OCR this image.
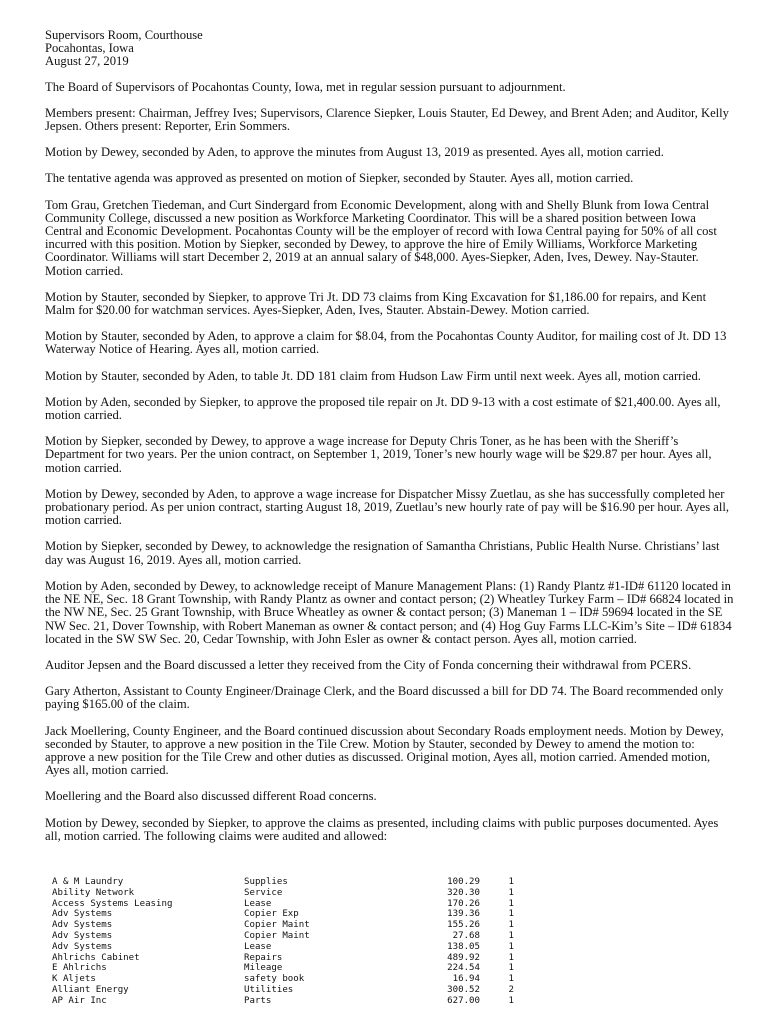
Supervisors Room, Courthouse
Pocahontas, Iowa
August 27, 2019

The Board of Supervisors of Pocahontas County, Iowa, met in regular session pursuant to adjournment.

Members present: Chairman, Jeffrey Ives; Supervisors, Clarence Siepker, Louis Stauter, Ed Dewey, and Brent Aden; and Auditor, Kelly Jepsen. Others present: Reporter, Erin Sommers.

Motion by Dewey, seconded by Aden, to approve the minutes from August 13, 2019 as presented. Ayes all, motion carried.

The tentative agenda was approved as presented on motion of Siepker, seconded by Stauter. Ayes all, motion carried.

Tom Grau, Gretchen Tiedeman, and Curt Sindergard from Economic Development, along with and Shelly Blunk from Iowa Central Community College, discussed a new position as Workforce Marketing Coordinator. This will be a shared position between Iowa Central and Economic Development. Pocahontas County will be the employer of record with Iowa Central paying for 50% of all cost incurred with this position. Motion by Siepker, seconded by Dewey, to approve the hire of Emily Williams, Workforce Marketing Coordinator. Williams will start December 2, 2019 at an annual salary of $48,000. Ayes-Siepker, Aden, Ives, Dewey. Nay-Stauter. Motion carried.

Motion by Stauter, seconded by Siepker, to approve Tri Jt. DD 73 claims from King Excavation for $1,186.00 for repairs, and Kent Malm for $20.00 for watchman services. Ayes-Siepker, Aden, Ives, Stauter. Abstain-Dewey. Motion carried.

Motion by Stauter, seconded by Aden, to approve a claim for $8.04, from the Pocahontas County Auditor, for mailing cost of Jt. DD 13 Waterway Notice of Hearing. Ayes all, motion carried.

Motion by Stauter, seconded by Aden, to table Jt. DD 181 claim from Hudson Law Firm until next week. Ayes all, motion carried.

Motion by Aden, seconded by Siepker, to approve the proposed tile repair on Jt. DD 9-13 with a cost estimate of $21,400.00. Ayes all, motion carried.

Motion by Siepker, seconded by Dewey, to approve a wage increase for Deputy Chris Toner, as he has been with the Sheriff’s Department for two years. Per the union contract, on September 1, 2019, Toner’s new hourly wage will be $29.87 per hour. Ayes all, motion carried.

Motion by Dewey, seconded by Aden, to approve a wage increase for Dispatcher Missy Zuetlau, as she has successfully completed her probationary period. As per union contract, starting August 18, 2019, Zuetlau’s new hourly rate of pay will be $16.90 per hour. Ayes all, motion carried.

Motion by Siepker, seconded by Dewey, to acknowledge the resignation of Samantha Christians, Public Health Nurse. Christians’ last day was August 16, 2019. Ayes all, motion carried.

Motion by Aden, seconded by Dewey, to acknowledge receipt of Manure Management Plans: (1) Randy Plantz #1-ID# 61120 located in the NE NE, Sec. 18 Grant Township, with Randy Plantz as owner and contact person; (2) Wheatley Turkey Farm – ID# 66824 located in the NW NE, Sec. 25 Grant Township, with Bruce Wheatley as owner & contact person; (3) Maneman 1 – ID# 59694 located in the SE NW Sec. 21, Dover Township, with Robert Maneman as owner & contact person; and (4) Hog Guy Farms LLC-Kim’s Site – ID# 61834 located in the SW SW Sec. 20, Cedar Township, with John Esler as owner & contact person. Ayes all, motion carried.

Auditor Jepsen and the Board discussed a letter they received from the City of Fonda concerning their withdrawal from PCERS.

Gary Atherton, Assistant to County Engineer/Drainage Clerk, and the Board discussed a bill for DD 74. The Board recommended only paying $165.00 of the claim.

Jack Moellering, County Engineer, and the Board continued discussion about Secondary Roads employment needs. Motion by Dewey, seconded by Stauter, to approve a new position in the Tile Crew. Motion by Stauter, seconded by Dewey to amend the motion to: approve a new position for the Tile Crew and other duties as discussed. Original motion, Ayes all, motion carried. Amended motion, Ayes all, motion carried.

Moellering and the Board also discussed different Road concerns.

Motion by Dewey, seconded by Siepker, to approve the claims as presented, including claims with public purposes documented. Ayes all, motion carried. The following claims were audited and allowed:

A & M Laundry	Supplies	100.29	1
Ability Network	Service	320.30	1
Access Systems Leasing	Lease	170.26	1
Adv Systems	Copier Exp	139.36	1
Adv Systems	Copier Maint	155.26	1
Adv Systems	Copier Maint	27.68	1
Adv Systems	Lease	138.05	1
Ahlrichs Cabinet	Repairs	489.92	1
E Ahlrichs	Mileage	224.54	1
K Aljets	safety book	16.94	1
Alliant Energy	Utilities	300.52	2
AP Air Inc	Parts	627.00	1
